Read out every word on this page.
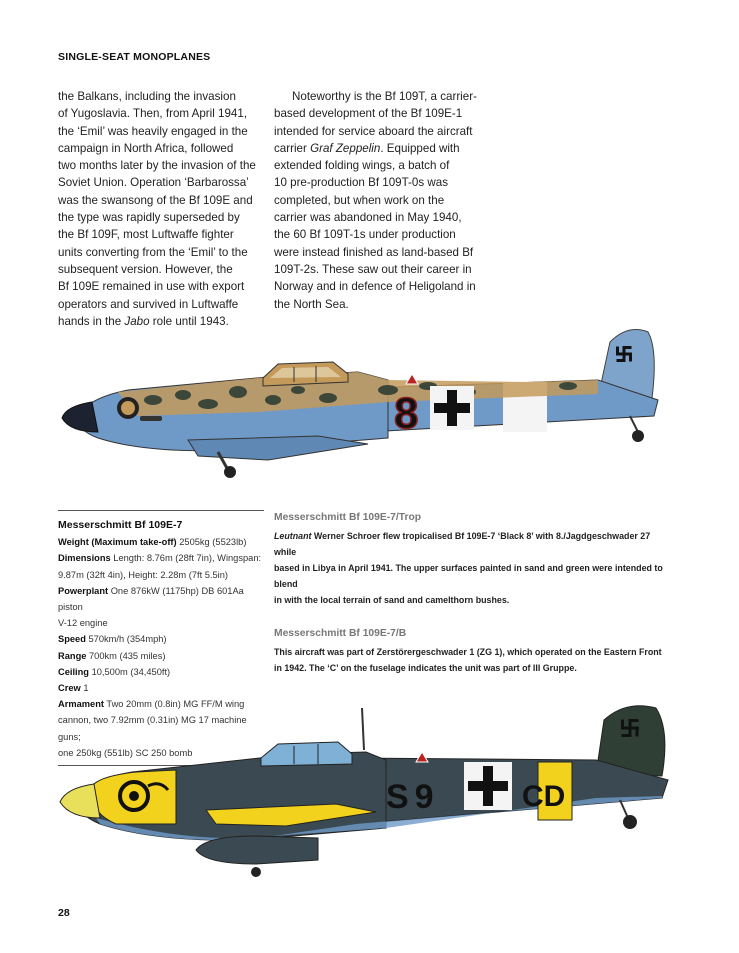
SINGLE-SEAT MONOPLANES

the Balkans, including the invasion

of Yugoslavia. Then, from April 1941,

the ‘Emil’ was heavily engaged in the

campaign in North Africa, followed

two months later by the invasion of the

Soviet Union. Operation ‘Barbarossa’

was the swansong of the Bf 109E and

the type was rapidly superseded by

the Bf 109F, most Luftwaffe fighter

units converting from the ‘Emil’ to the

subsequent version. However, the

Bf 109E remained in use with export

operators and survived in Luftwaffe

hands in the Jabo role until 1943.

Noteworthy is the Bf 109T, a carrier-

based development of the Bf 109E-1

intended for service aboard the aircraft

carrier Graf Zeppelin. Equipped with

extended folding wings, a batch of

10 pre-production Bf 109T-0s was

completed, but when work on the

carrier was abandoned in May 1940,

the 60 Bf 109T-1s under production

were instead finished as land-based Bf

109T-2s. These saw out their career in

Norway and in defence of Heligoland in

the North Sea.

8
Messerschmitt Bf 109E-7
Weight (Maximum take-off) 2505kg (5523lb)
Dimensions Length: 8.76m (28ft 7in), Wingspan:
9.87m (32ft 4in), Height: 2.28m (7ft 5.5in)
Powerplant One 876kW (1175hp) DB 601Aa piston
V-12 engine
Speed 570km/h (354mph)
Range 700km (435 miles)
Ceiling 10,500m (34,450ft)
Crew 1
Armament Two 20mm (0.8in) MG FF/M wing
cannon, two 7.92mm (0.31in) MG 17 machine guns;
one 250kg (551lb) SC 250 bomb
Messerschmitt Bf 109E-7/Trop
Leutnant Werner Schroer flew tropicalised Bf 109E-7 ‘Black 8’ with 8./Jagdgeschwader 27 while
based in Libya in April 1941. The upper surfaces painted in sand and green were intended to blend
in with the local terrain of sand and camelthorn bushes.
Messerschmitt Bf 109E-7/B
This aircraft was part of Zerstörergeschwader 1 (ZG 1), which operated on the Eastern Front
in 1942. The ‘C’ on the fuselage indicates the unit was part of III Gruppe.
S9	CD
28
